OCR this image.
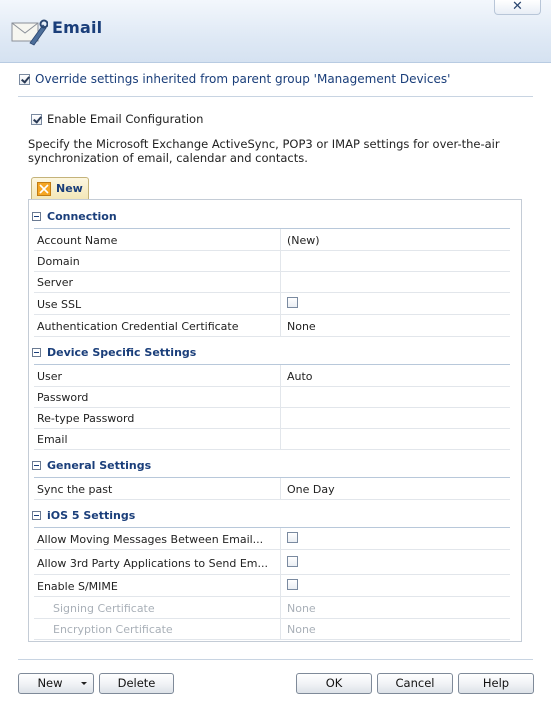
Email
✕
Override settings inherited from parent group 'Management Devices'
Enable Email Configuration
Specify the Microsoft Exchange ActiveSync, POP3 or IMAP settings for over-the-air synchronization of email, calendar and contacts.
New
Connection
Account Name	(New)
Domain
Server
Use SSL
Authentication Credential Certificate	None
Device Specific Settings
User	Auto
Password
Re-type Password
Email
General Settings
Sync the past	One Day
iOS 5 Settings
Allow Moving Messages Between Email...
Allow 3rd Party Applications to Send Em...
Enable S/MIME
Signing Certificate	None
Encryption Certificate	None
New	Delete	OK	Cancel	Help
